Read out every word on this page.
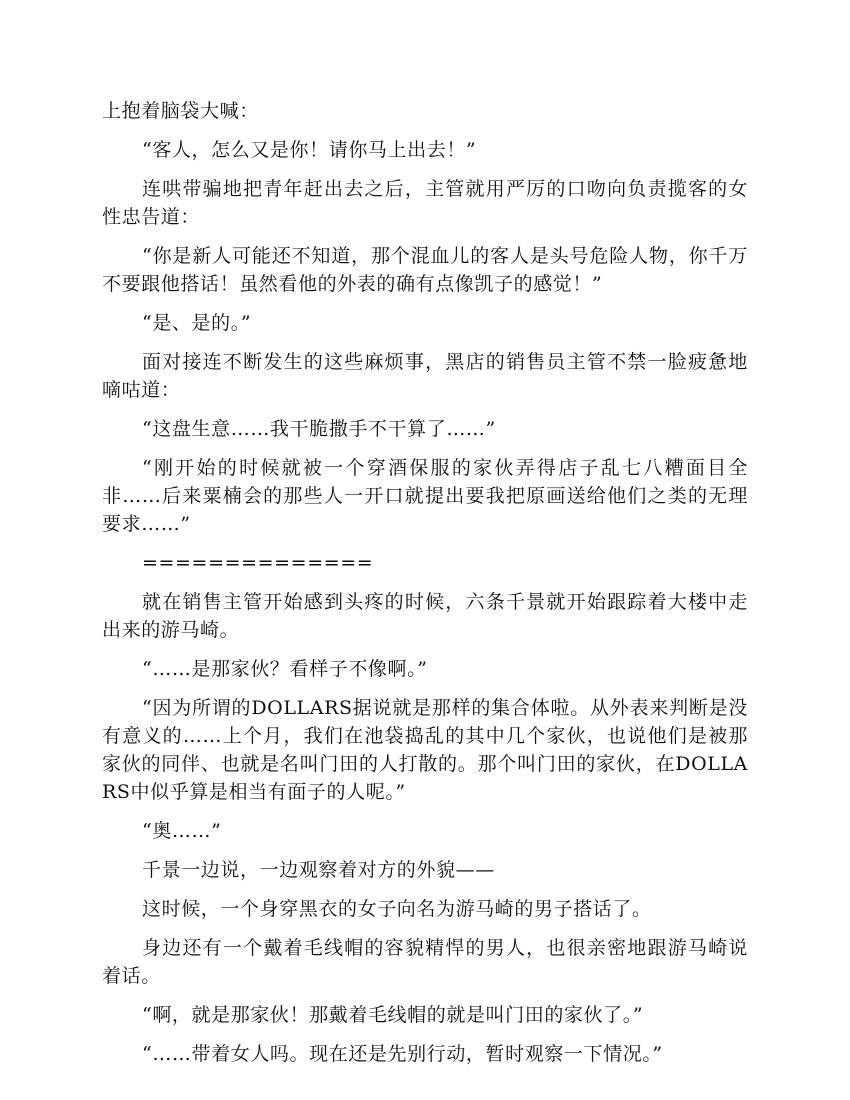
上抱着脑袋大喊：

“客人，怎么又是你！请你马上出去！”

连哄带骗地把青年赶出去之后，主管就用严厉的口吻向负责揽客的女性忠告道：

“你是新人可能还不知道，那个混血儿的客人是头号危险人物，你千万不要跟他搭话！虽然看他的外表的确有点像凯子的感觉！”

“是、是的。”

面对接连不断发生的这些麻烦事，黑店的销售员主管不禁一脸疲惫地嘀咕道：

“这盘生意……我干脆撒手不干算了……”

“刚开始的时候就被一个穿酒保服的家伙弄得店子乱七八糟面目全非……后来粟楠会的那些人一开口就提出要我把原画送给他们之类的无理要求……”

==============

就在销售主管开始感到头疼的时候，六条千景就开始跟踪着大楼中走出来的游马崎。

“……是那家伙？看样子不像啊。”

“因为所谓的DOLLARS据说就是那样的集合体啦。从外表来判断是没有意义的……上个月，我们在池袋捣乱的其中几个家伙，也说他们是被那家伙的同伴、也就是名叫门田的人打散的。那个叫门田的家伙，在DOLLARS中似乎算是相当有面子的人呢。”

“奥……”

千景一边说，一边观察着对方的外貌——

这时候，一个身穿黑衣的女子向名为游马崎的男子搭话了。

身边还有一个戴着毛线帽的容貌精悍的男人，也很亲密地跟游马崎说着话。

“啊，就是那家伙！那戴着毛线帽的就是叫门田的家伙了。”

“……带着女人吗。现在还是先别行动，暂时观察一下情况。”
